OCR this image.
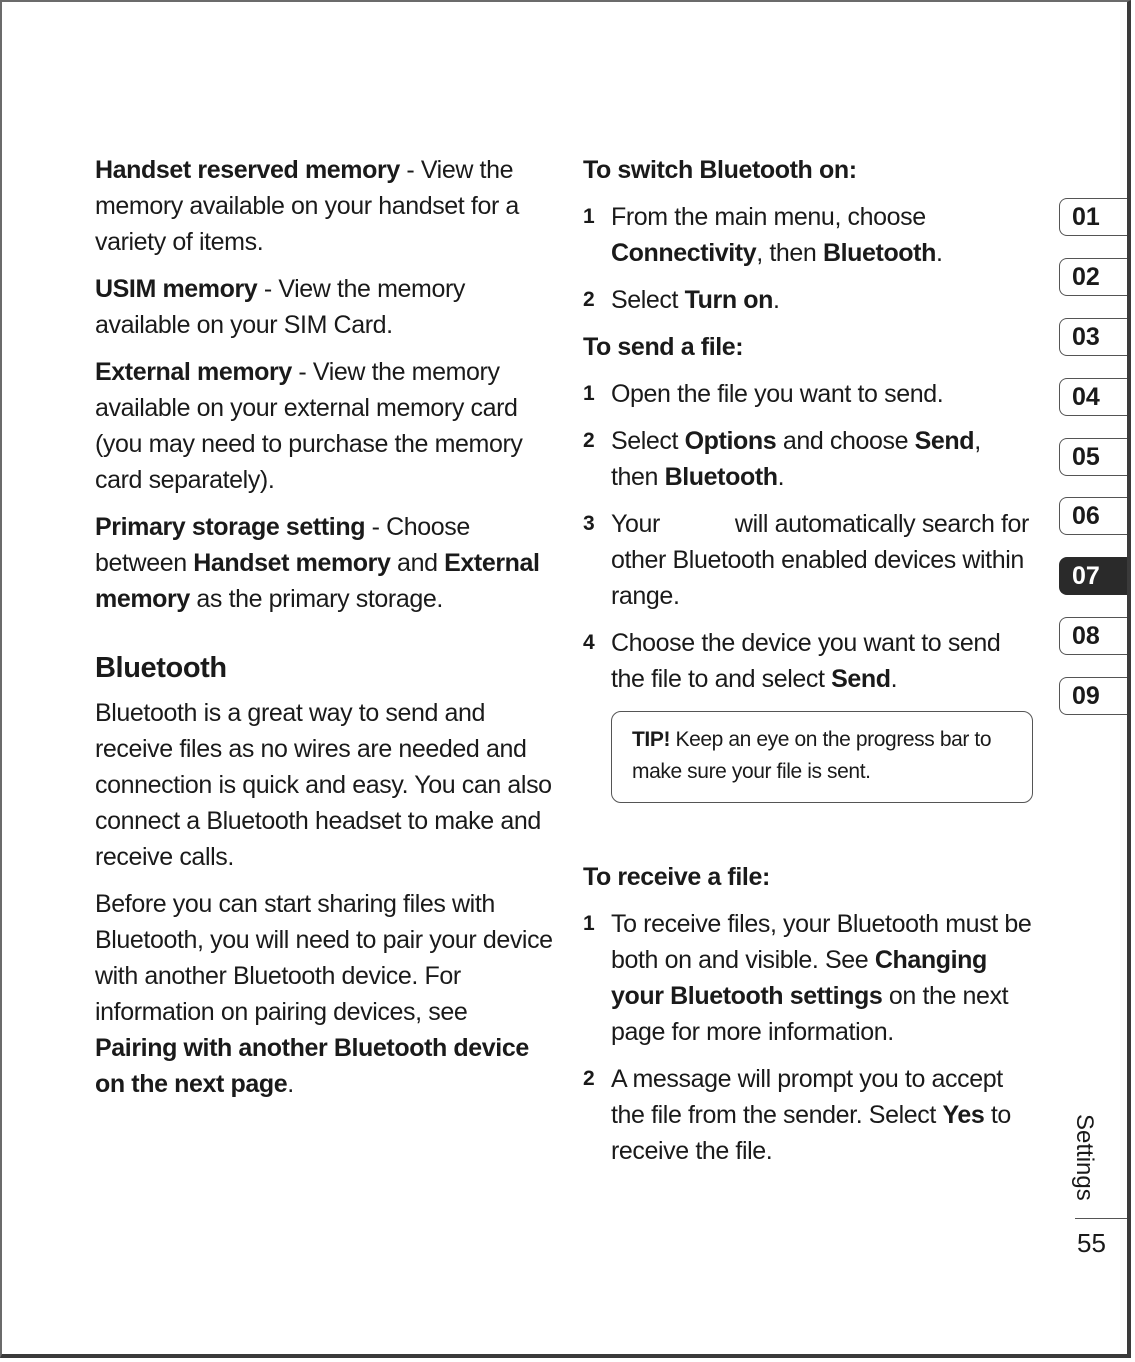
Handset reserved memory - View the memory available on your handset for a variety of items.

USIM memory - View the memory available on your SIM Card.

External memory - View the memory available on your external memory card (you may need to purchase the memory card separately).

Primary storage setting - Choose between Handset memory and External memory as the primary storage.

Bluetooth

Bluetooth is a great way to send and receive files as no wires are needed and connection is quick and easy. You can also connect a Bluetooth headset to make and receive calls.

Before you can start sharing files with Bluetooth, you will need to pair your device with another Bluetooth device. For information on pairing devices, see Pairing with another Bluetooth device on the next page.

To switch Bluetooth on:
1 From the main menu, choose Connectivity, then Bluetooth.
2 Select Turn on.
To send a file:
1 Open the file you want to send.
2 Select Options and choose Send, then Bluetooth.
3 Your	will automatically search for other Bluetooth enabled devices within range.
4 Choose the device you want to send the file to and select Send.
TIP! Keep an eye on the progress bar to make sure your file is sent.
To receive a file:
1 To receive files, your Bluetooth must be both on and visible. See Changing your Bluetooth settings on the next page for more information.
2 A message will prompt you to accept the file from the sender. Select Yes to receive the file.
01
02
03
04
05
06
07
08
09
Settings
55
